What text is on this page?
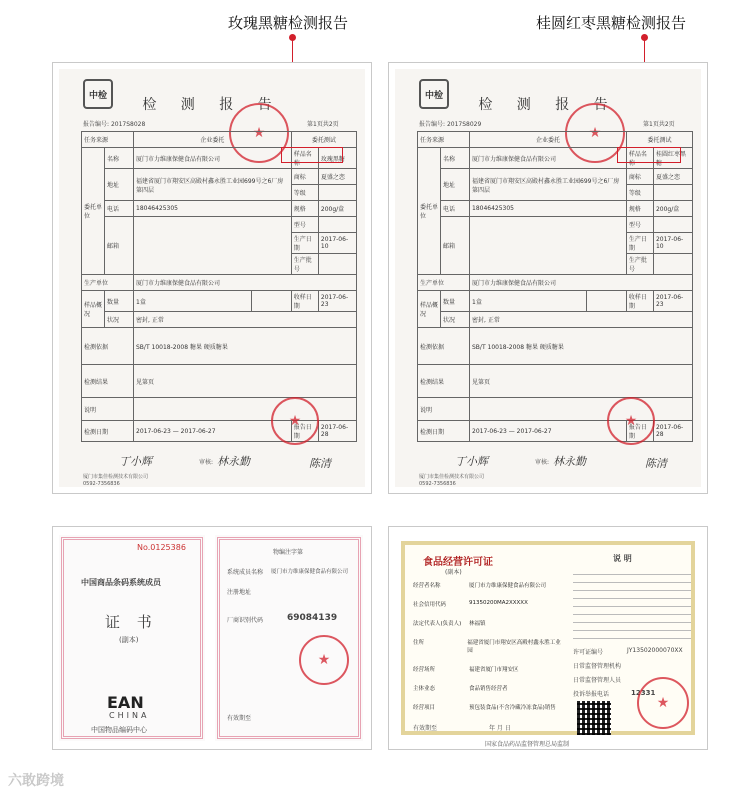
玫瑰黑糖检测报告	桂圆红枣黑糖检测报告
中检
检 测 报 告
报告编号: 2017S8028	第1页共2页
★
任务来源		企业委托		委托测试	
委托单位	名称	厦门市力维康保健食品有限公司		样品名称	玫瑰黑糖
	地址	福建省厦门市翔安区高殿村鑫永胜工业园699号之6厂房第四层		商标	夏盛之恋
				等级	
	电话	18046425305		规格	200g/盒
	邮箱			型号	
				生产日期	2017-06-10
				生产批号	
生产单位		厦门市力维康保健食品有限公司			
样品概况	数量	1盒		收样日期	2017-06-23
	状况	密封, 正常			
检测依据		SB/T 10018-2008 糖果 硬质糖果			
检测结果		见第页			
说明					
检测日期		2017-06-23 — 2017-06-27		报告日期	2017-06-28
★
丁小辉	审核: 林永勤	陈清
厦门市集佳检测技术有限公司
0592-7356836
中检
检 测 报 告
报告编号: 2017S8029	第1页共2页
★
任务来源		企业委托		委托测试	
委托单位	名称	厦门市力维康保健食品有限公司		样品名称	桂圆红枣黑糖
	地址	福建省厦门市翔安区高殿村鑫永胜工业园699号之6厂房第四层		商标	夏盛之恋
				等级	
	电话	18046425305		规格	200g/盒
	邮箱			型号	
				生产日期	2017-06-10
				生产批号	
生产单位		厦门市力维康保健食品有限公司			
样品概况	数量	1盒		收样日期	2017-06-23
	状况	密封, 正常			
检测依据		SB/T 10018-2008 糖果 硬质糖果			
检测结果		见第页			
说明					
检测日期		2017-06-23 — 2017-06-27		报告日期	2017-06-28
★
丁小辉	审核: 林永勤	陈清
厦门市集佳检测技术有限公司
0592-7356836
No.0125386
中国商品条码系统成员
证 书
(副本)
EAN
CHINA
中国物品编码中心
物编注字第
系统成员名称 厦门市力维康保健食品有限公司
注册地址
厂商识别代码	69084139
有效期至
★
食品经营许可证
(副本)
经营者名称	厦门市力维康保健食品有限公司
社会信用代码	91350200MA2XXXXX
法定代表人(负责人)	林福镇
住所	福建省厦门市翔安区高殿村鑫永胜工业园
经营场所	福建省厦门市翔安区
主体业态	食品销售经营者
经营项目	预包装食品(不含冷藏冷冻食品)销售
有效期至	年 月 日
说 明
许可证编号	JY13502000070XX
日常监督管理机构
日常监督管理人员
投诉举报电话	12331
★
国家食品药品监督管理总局监制
六敢跨境
